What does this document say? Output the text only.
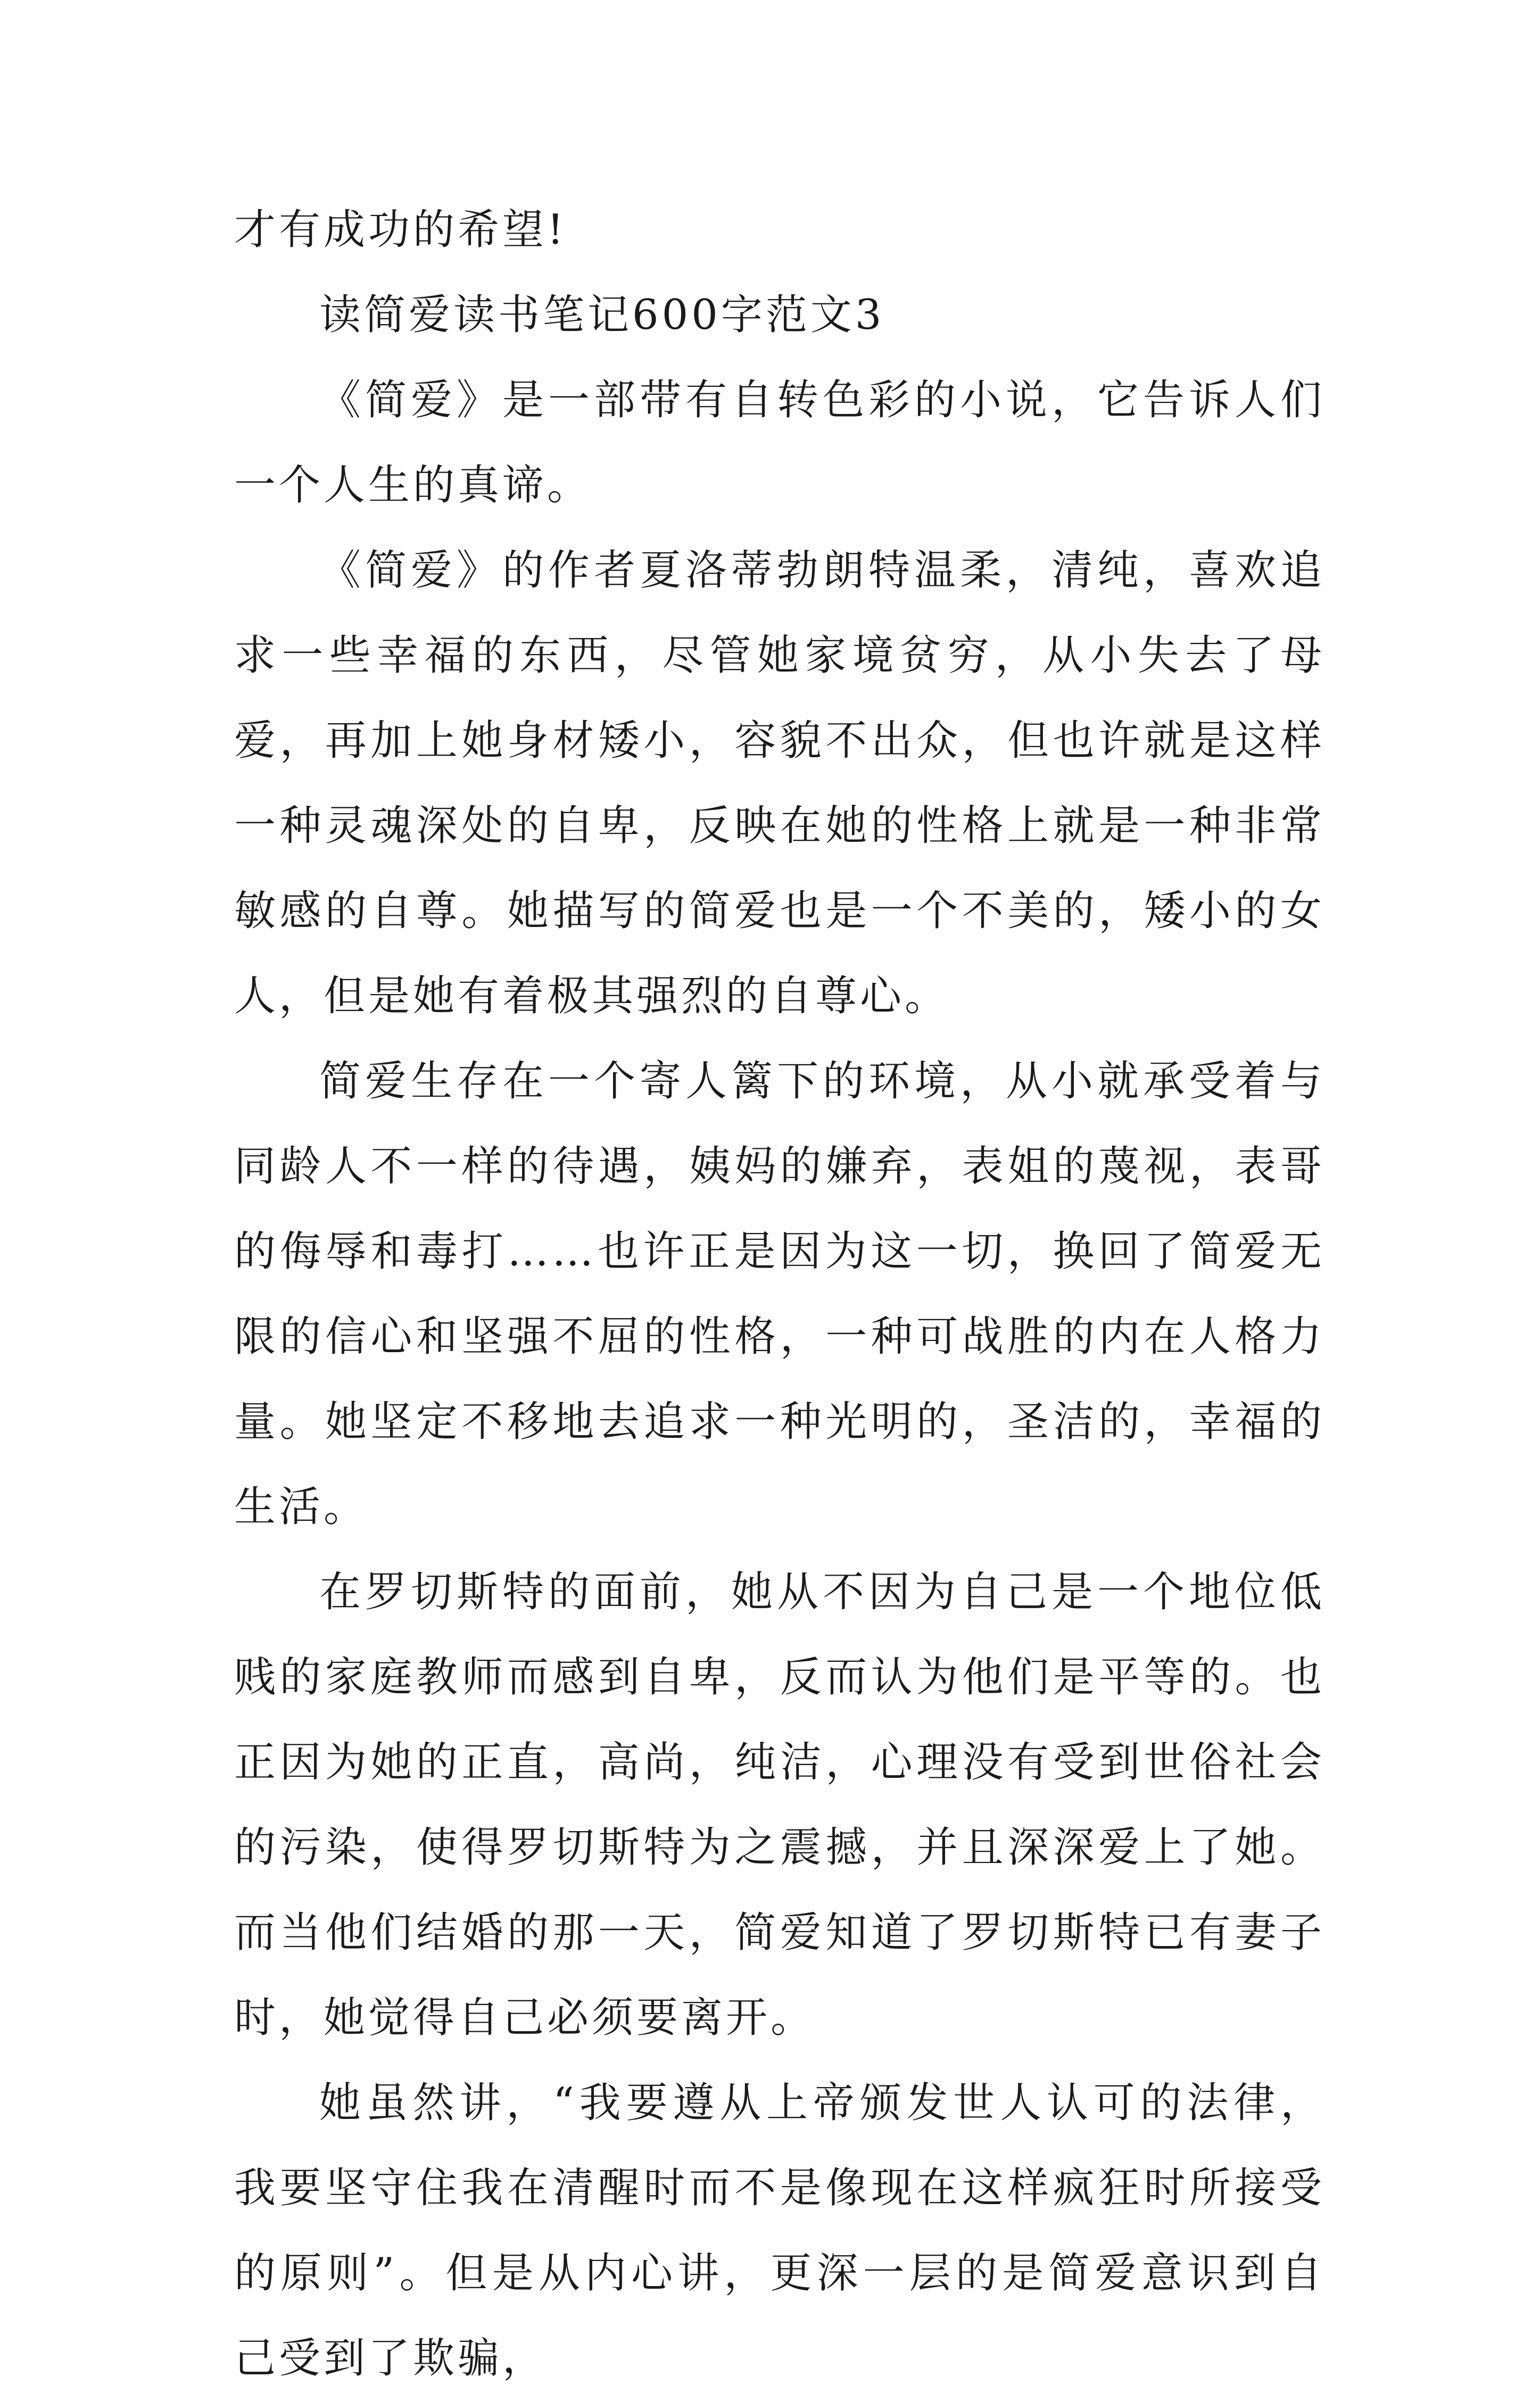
才有成功的希望!

读简爱读书笔记600字范文3

《简爱》是一部带有自转色彩的小说，它告诉人们一个人生的真谛。

《简爱》的作者夏洛蒂勃朗特温柔，清纯，喜欢追求一些幸福的东西，尽管她家境贫穷，从小失去了母爱，再加上她身材矮小，容貌不出众，但也许就是这样一种灵魂深处的自卑，反映在她的性格上就是一种非常敏感的自尊。她描写的简爱也是一个不美的，矮小的女人，但是她有着极其强烈的自尊心。

简爱生存在一个寄人篱下的环境，从小就承受着与同龄人不一样的待遇，姨妈的嫌弃，表姐的蔑视，表哥的侮辱和毒打……也许正是因为这一切，换回了简爱无限的信心和坚强不屈的性格，一种可战胜的内在人格力量。她坚定不移地去追求一种光明的，圣洁的，幸福的生活。

在罗切斯特的面前，她从不因为自己是一个地位低贱的家庭教师而感到自卑，反而认为他们是平等的。也正因为她的正直，高尚，纯洁，心理没有受到世俗社会的污染，使得罗切斯特为之震撼，并且深深爱上了她。而当他们结婚的那一天，简爱知道了罗切斯特已有妻子时，她觉得自己必须要离开。

她虽然讲，“我要遵从上帝颁发世人认可的法律，我要坚守住我在清醒时而不是像现在这样疯狂时所接受的原则”。但是从内心讲，更深一层的是简爱意识到自己受到了欺骗，
